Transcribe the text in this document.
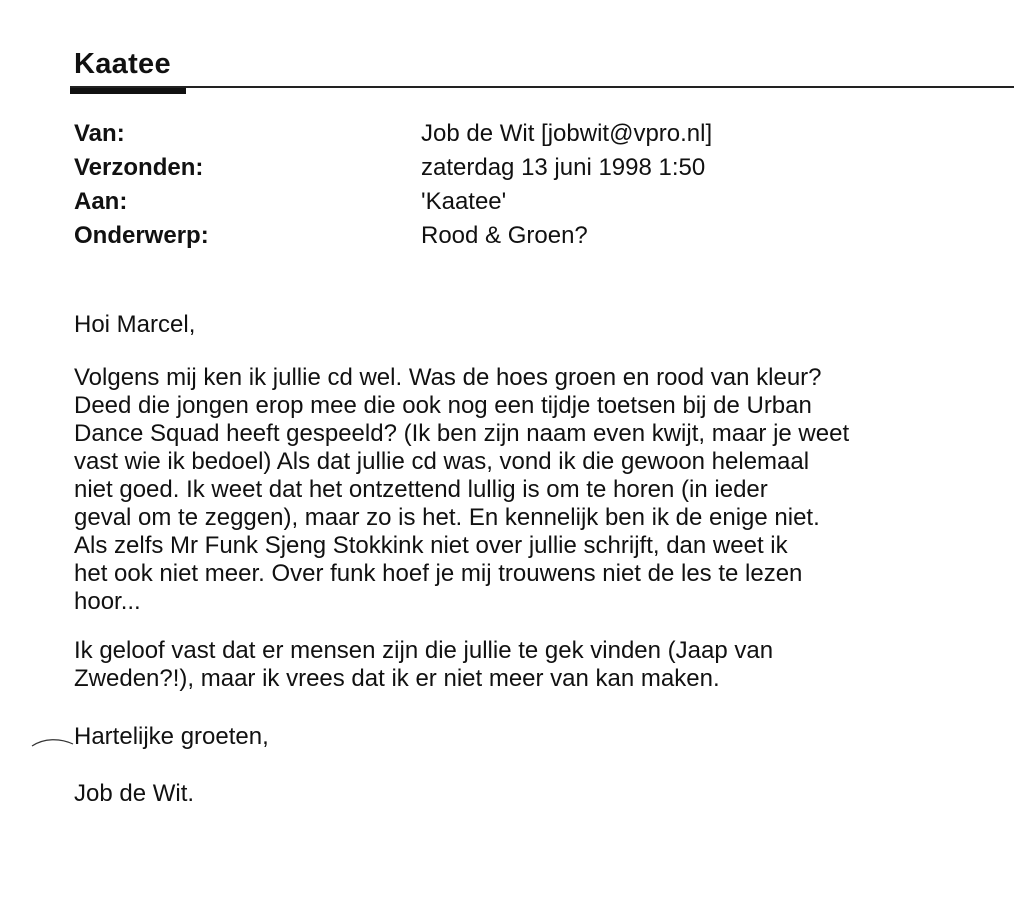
Kaatee
Van:	Job de Wit [jobwit@vpro.nl]
Verzonden:	zaterdag 13 juni 1998 1:50
Aan:	'Kaatee'
Onderwerp:	Rood & Groen?
Hoi Marcel,
Volgens mij ken ik jullie cd wel. Was de hoes groen en rood van kleur?
Deed die jongen erop mee die ook nog een tijdje toetsen bij de Urban
Dance Squad heeft gespeeld? (Ik ben zijn naam even kwijt, maar je weet
vast wie ik bedoel) Als dat jullie cd was, vond ik die gewoon helemaal
niet goed. Ik weet dat het ontzettend lullig is om te horen (in ieder
geval om te zeggen), maar zo is het. En kennelijk ben ik de enige niet.
Als zelfs Mr Funk Sjeng Stokkink niet over jullie schrijft, dan weet ik
het ook niet meer. Over funk hoef je mij trouwens niet de les te lezen
hoor...
Ik geloof vast dat er mensen zijn die jullie te gek vinden (Jaap van
Zweden?!), maar ik vrees dat ik er niet meer van kan maken.
Hartelijke groeten,
Job de Wit.
